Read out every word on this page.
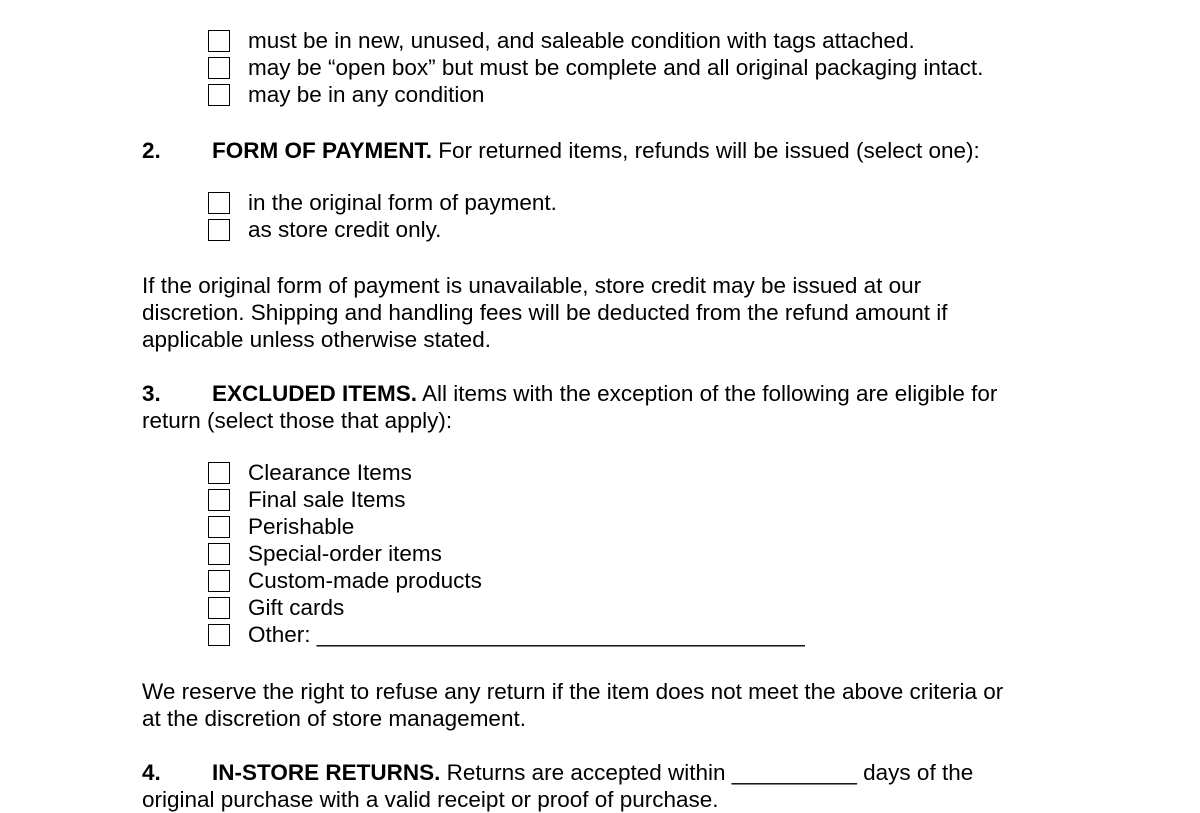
must be in new, unused, and saleable condition with tags attached.
may be “open box” but must be complete and all original packaging intact.
may be in any condition
2. FORM OF PAYMENT. For returned items, refunds will be issued (select one):
in the original form of payment.
as store credit only.
If the original form of payment is unavailable, store credit may be issued at our
discretion. Shipping and handling fees will be deducted from the refund amount if
applicable unless otherwise stated.
3. EXCLUDED ITEMS. All items with the exception of the following are eligible for
return (select those that apply):
Clearance Items
Final sale Items
Perishable
Special-order items
Custom-made products
Gift cards
Other: _______________________________________
We reserve the right to refuse any return if the item does not meet the above criteria or
at the discretion of store management.
4. IN-STORE RETURNS. Returns are accepted within __________ days of the
original purchase with a valid receipt or proof of purchase.
